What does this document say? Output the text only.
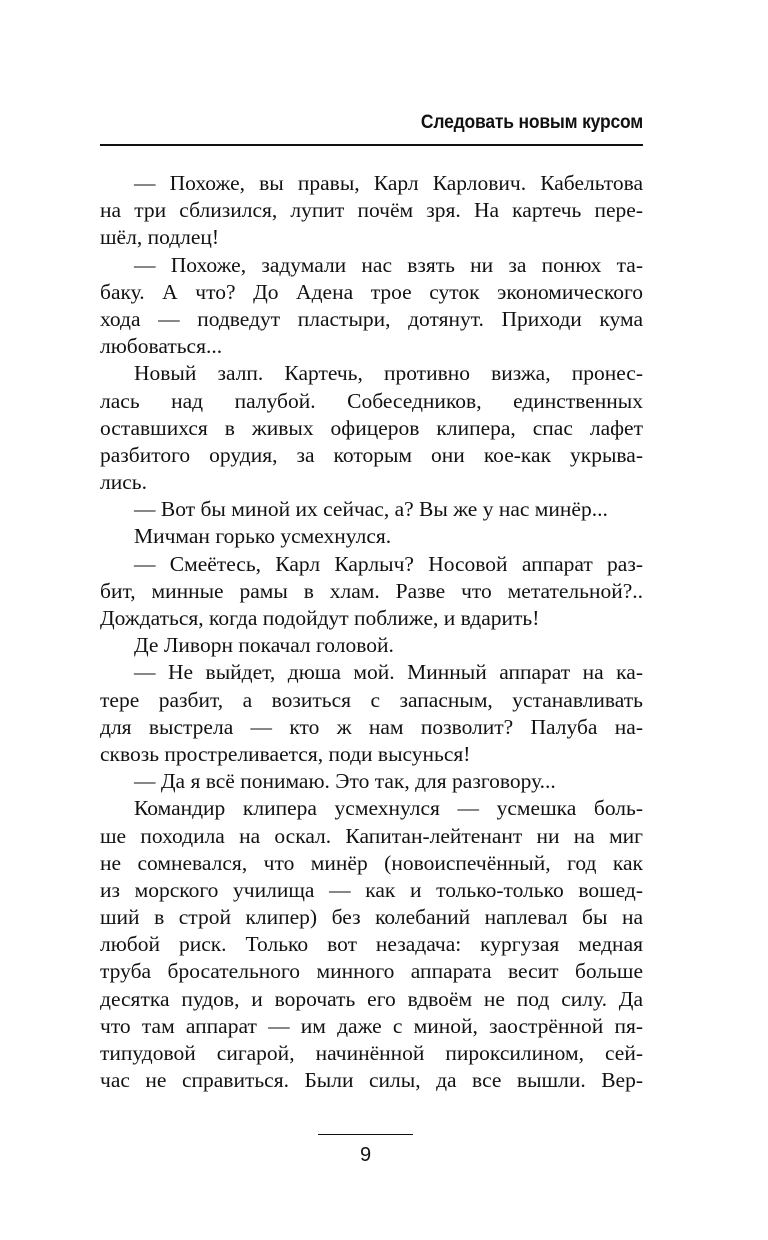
Следовать новым курсом
— Похоже, вы правы, Карл Карлович. Кабельтова
на три сблизился, лупит почём зря. На картечь пере-
шёл, подлец!
— Похоже, задумали нас взять ни за понюх та-
баку. А что? До Адена трое суток экономического
хода — подведут пластыри, дотянут. Приходи кума
любоваться...
Новый залп. Картечь, противно визжа, пронес-
лась над палубой. Собеседников, единственных
оставшихся в живых офицеров клипера, спас лафет
разбитого орудия, за которым они кое-как укрыва-
лись.
— Вот бы миной их сейчас, а? Вы же у нас минёр...
Мичман горько усмехнулся.
— Смеётесь, Карл Карлыч? Носовой аппарат раз-
бит, минные рамы в хлам. Разве что метательной?..
Дождаться, когда подойдут поближе, и вдарить!
Де Ливорн покачал головой.
— Не выйдет, дюша мой. Минный аппарат на ка-
тере разбит, а возиться с запасным, устанавливать
для выстрела — кто ж нам позволит? Палуба на-
сквозь простреливается, поди высунься!
— Да я всё понимаю. Это так, для разговору...
Командир клипера усмехнулся — усмешка боль-
ше походила на оскал. Капитан-лейтенант ни на миг
не сомневался, что минёр (новоиспечённый, год как
из морского училища — как и только-только вошед-
ший в строй клипер) без колебаний наплевал бы на
любой риск. Только вот незадача: кургузая медная
труба бросательного минного аппарата весит больше
десятка пудов, и ворочать его вдвоём не под силу. Да
что там аппарат — им даже с миной, заострённой пя-
типудовой сигарой, начинённой пироксилином, сей-
час не справиться. Были силы, да все вышли. Вер-
9
